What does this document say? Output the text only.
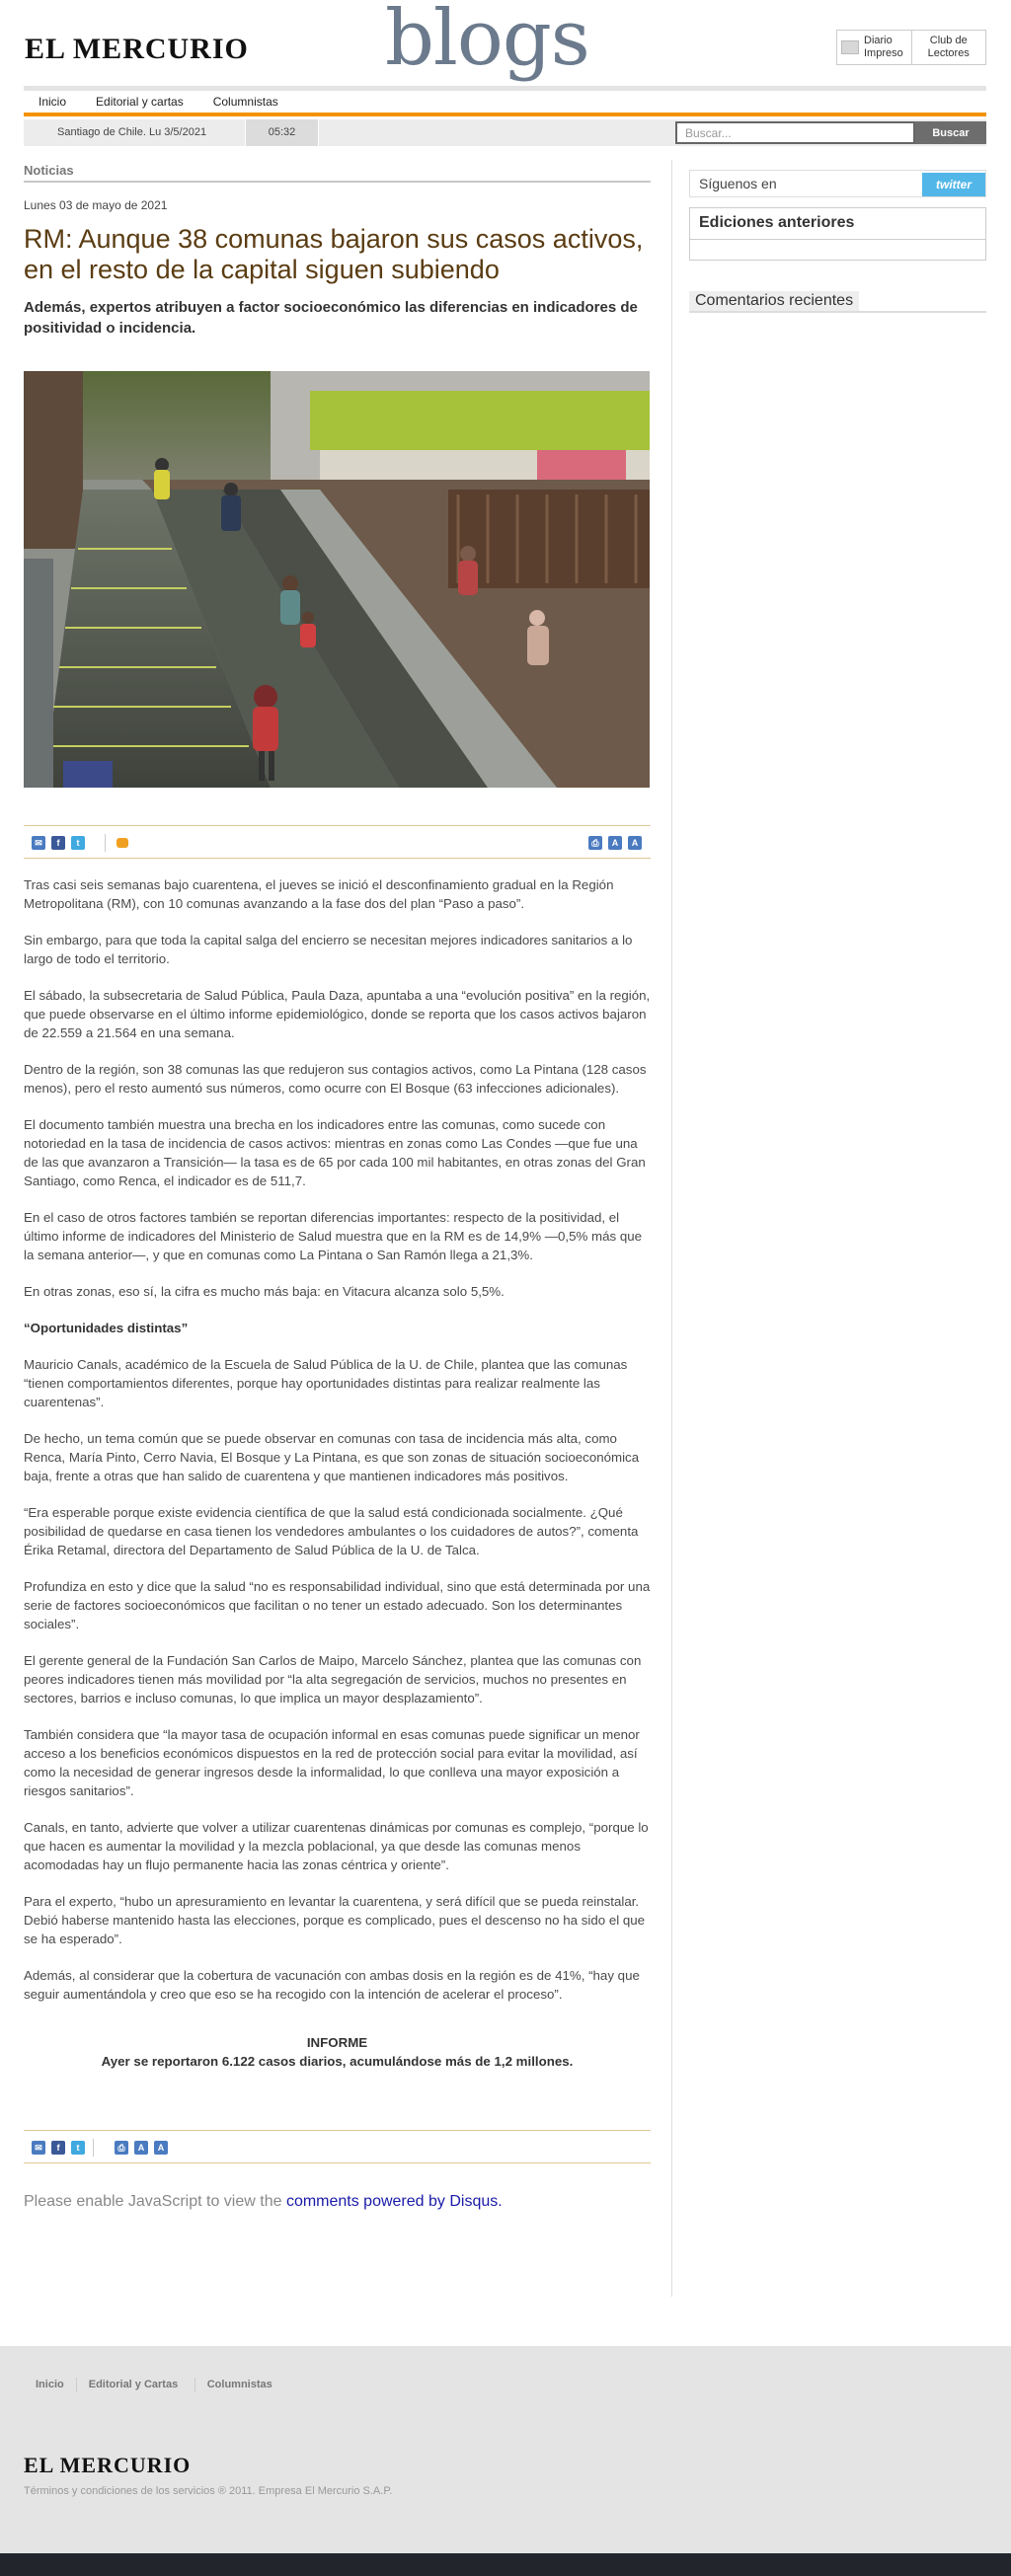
EL MERCURIO blogs	Diario Impreso
Club de Lectores
Inicio	Editorial y cartas	Columnistas
Santiago de Chile. Lu 3/5/2021	05:32
Buscar...	Buscar
Noticias
Lunes 03 de mayo de 2021
RM: Aunque 38 comunas bajaron sus casos activos, en el resto de la capital siguen subiendo
Además, expertos atribuyen a factor socioeconómico las diferencias en indicadores de positividad o incidencia.
✉	f	t	⎙	A	A

Tras casi seis semanas bajo cuarentena, el jueves se inició el desconfinamiento gradual en la Región Metropolitana (RM), con 10 comunas avanzando a la fase dos del plan “Paso a paso”.

Sin embargo, para que toda la capital salga del encierro se necesitan mejores indicadores sanitarios a lo largo de todo el territorio.

El sábado, la subsecretaria de Salud Pública, Paula Daza, apuntaba a una “evolución positiva” en la región, que puede observarse en el último informe epidemiológico, donde se reporta que los casos activos bajaron de 22.559 a 21.564 en una semana.

Dentro de la región, son 38 comunas las que redujeron sus contagios activos, como La Pintana (128 casos menos), pero el resto aumentó sus números, como ocurre con El Bosque (63 infecciones adicionales).

El documento también muestra una brecha en los indicadores entre las comunas, como sucede con notoriedad en la tasa de incidencia de casos activos: mientras en zonas como Las Condes —que fue una de las que avanzaron a Transición— la tasa es de 65 por cada 100 mil habitantes, en otras zonas del Gran Santiago, como Renca, el indicador es de 511,7.

En el caso de otros factores también se reportan diferencias importantes: respecto de la positividad, el último informe de indicadores del Ministerio de Salud muestra que en la RM es de 14,9% —0,5% más que la semana anterior—, y que en comunas como La Pintana o San Ramón llega a 21,3%.

En otras zonas, eso sí, la cifra es mucho más baja: en Vitacura alcanza solo 5,5%.

“Oportunidades distintas”

Mauricio Canals, académico de la Escuela de Salud Pública de la U. de Chile, plantea que las comunas “tienen comportamientos diferentes, porque hay oportunidades distintas para realizar realmente las cuarentenas”.

De hecho, un tema común que se puede observar en comunas con tasa de incidencia más alta, como Renca, María Pinto, Cerro Navia, El Bosque y La Pintana, es que son zonas de situación socioeconómica baja, frente a otras que han salido de cuarentena y que mantienen indicadores más positivos.

“Era esperable porque existe evidencia científica de que la salud está condicionada socialmente. ¿Qué posibilidad de quedarse en casa tienen los vendedores ambulantes o los cuidadores de autos?”, comenta Érika Retamal, directora del Departamento de Salud Pública de la U. de Talca.

Profundiza en esto y dice que la salud “no es responsabilidad individual, sino que está determinada por una serie de factores socioeconómicos que facilitan o no tener un estado adecuado. Son los determinantes sociales”.

El gerente general de la Fundación San Carlos de Maipo, Marcelo Sánchez, plantea que las comunas con peores indicadores tienen más movilidad por “la alta segregación de servicios, muchos no presentes en sectores, barrios e incluso comunas, lo que implica un mayor desplazamiento”.

También considera que “la mayor tasa de ocupación informal en esas comunas puede significar un menor acceso a los beneficios económicos dispuestos en la red de protección social para evitar la movilidad, así como la necesidad de generar ingresos desde la informalidad, lo que conlleva una mayor exposición a riesgos sanitarios”.

Canals, en tanto, advierte que volver a utilizar cuarentenas dinámicas por comunas es complejo, “porque lo que hacen es aumentar la movilidad y la mezcla poblacional, ya que desde las comunas menos acomodadas hay un flujo permanente hacia las zonas céntrica y oriente”.

Para el experto, “hubo un apresuramiento en levantar la cuarentena, y será difícil que se pueda reinstalar. Debió haberse mantenido hasta las elecciones, porque es complicado, pues el descenso no ha sido el que se ha esperado”.

Además, al considerar que la cobertura de vacunación con ambas dosis en la región es de 41%, “hay que seguir aumentándola y creo que eso se ha recogido con la intención de acelerar el proceso”.

INFORME
Ayer se reportaron 6.122 casos diarios, acumulándose más de 1,2 millones.
✉	f	t	⎙	A	A
Please enable JavaScript to view the comments powered by Disqus.
Síguenos en	twitter
Ediciones anteriores
Comentarios recientes
Inicio	Editorial y Cartas	Columnistas
EL MERCURIO
Términos y condiciones de los servicios ® 2011. Empresa El Mercurio S.A.P.
